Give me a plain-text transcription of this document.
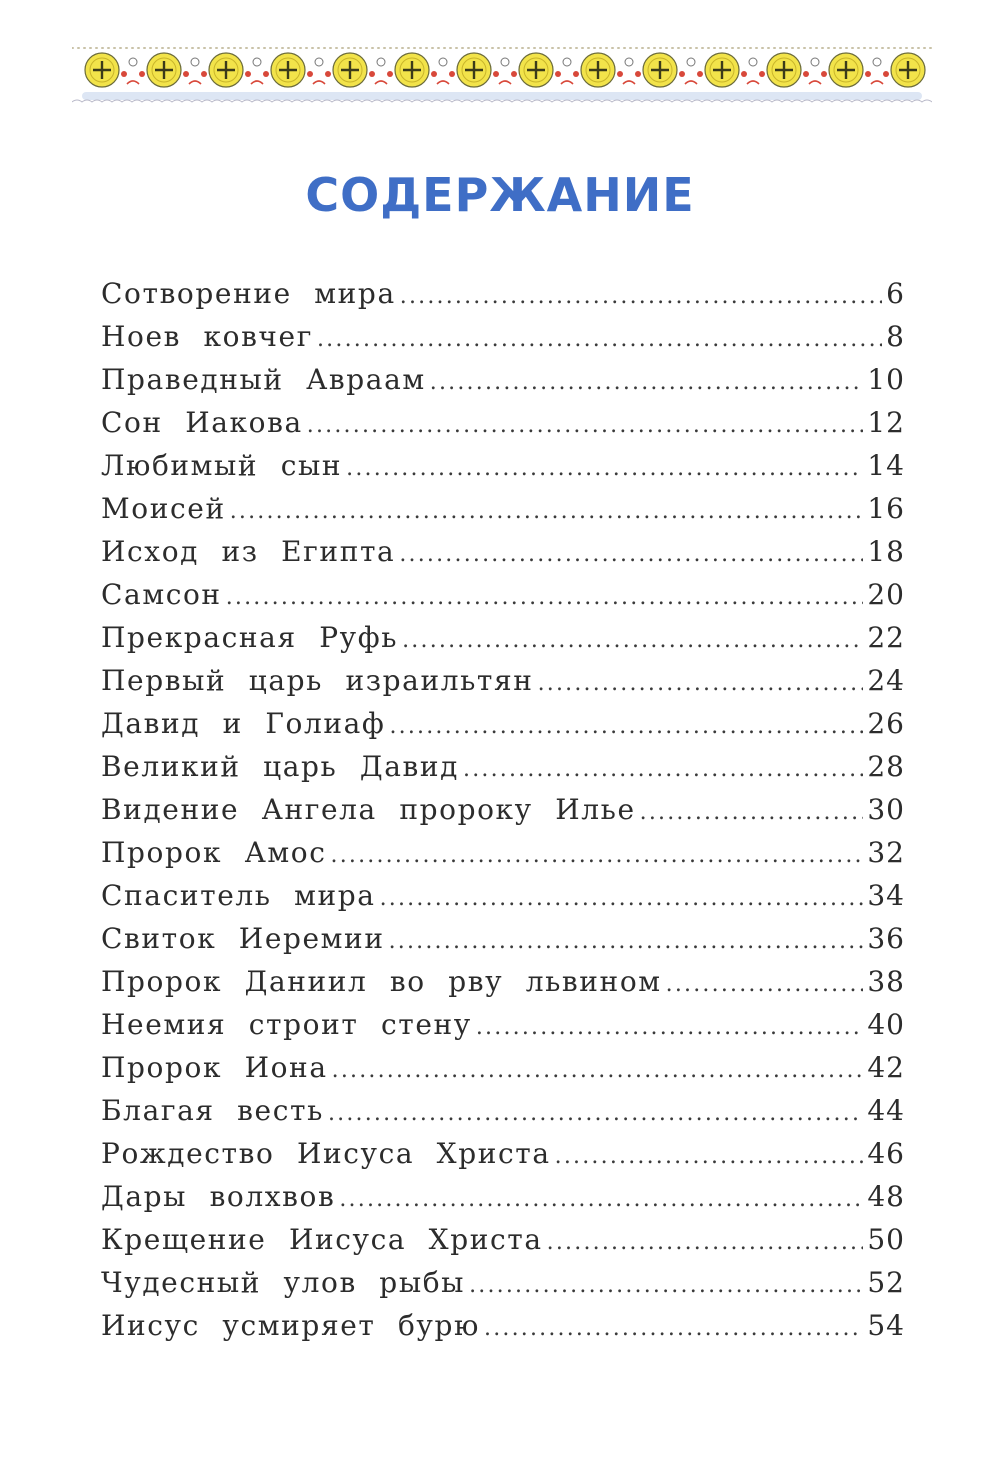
СОДЕРЖАНИЕ
Сотворение мира .....	6
Ноев ковчег .....	8
Праведный Авраам .....	10
Сон Иакова .....	12
Любимый сын .....	14
Моисей .....	16
Исход из Египта .....	18
Самсон .....	20
Прекрасная Руфь .....	22
Первый царь израильтян .....	24
Давид и Голиаф .....	26
Великий царь Давид .....	28
Видение Ангела пророку Илье .....	30
Пророк Амос .....	32
Спаситель мира .....	34
Свиток Иеремии .....	36
Пророк Даниил во рву львином .....	38
Неемия строит стену .....	40
Пророк Иона .....	42
Благая весть .....	44
Рождество Иисуса Христа .....	46
Дары волхвов .....	48
Крещение Иисуса Христа .....	50
Чудесный улов рыбы .....	52
Иисус усмиряет бурю .....	54
